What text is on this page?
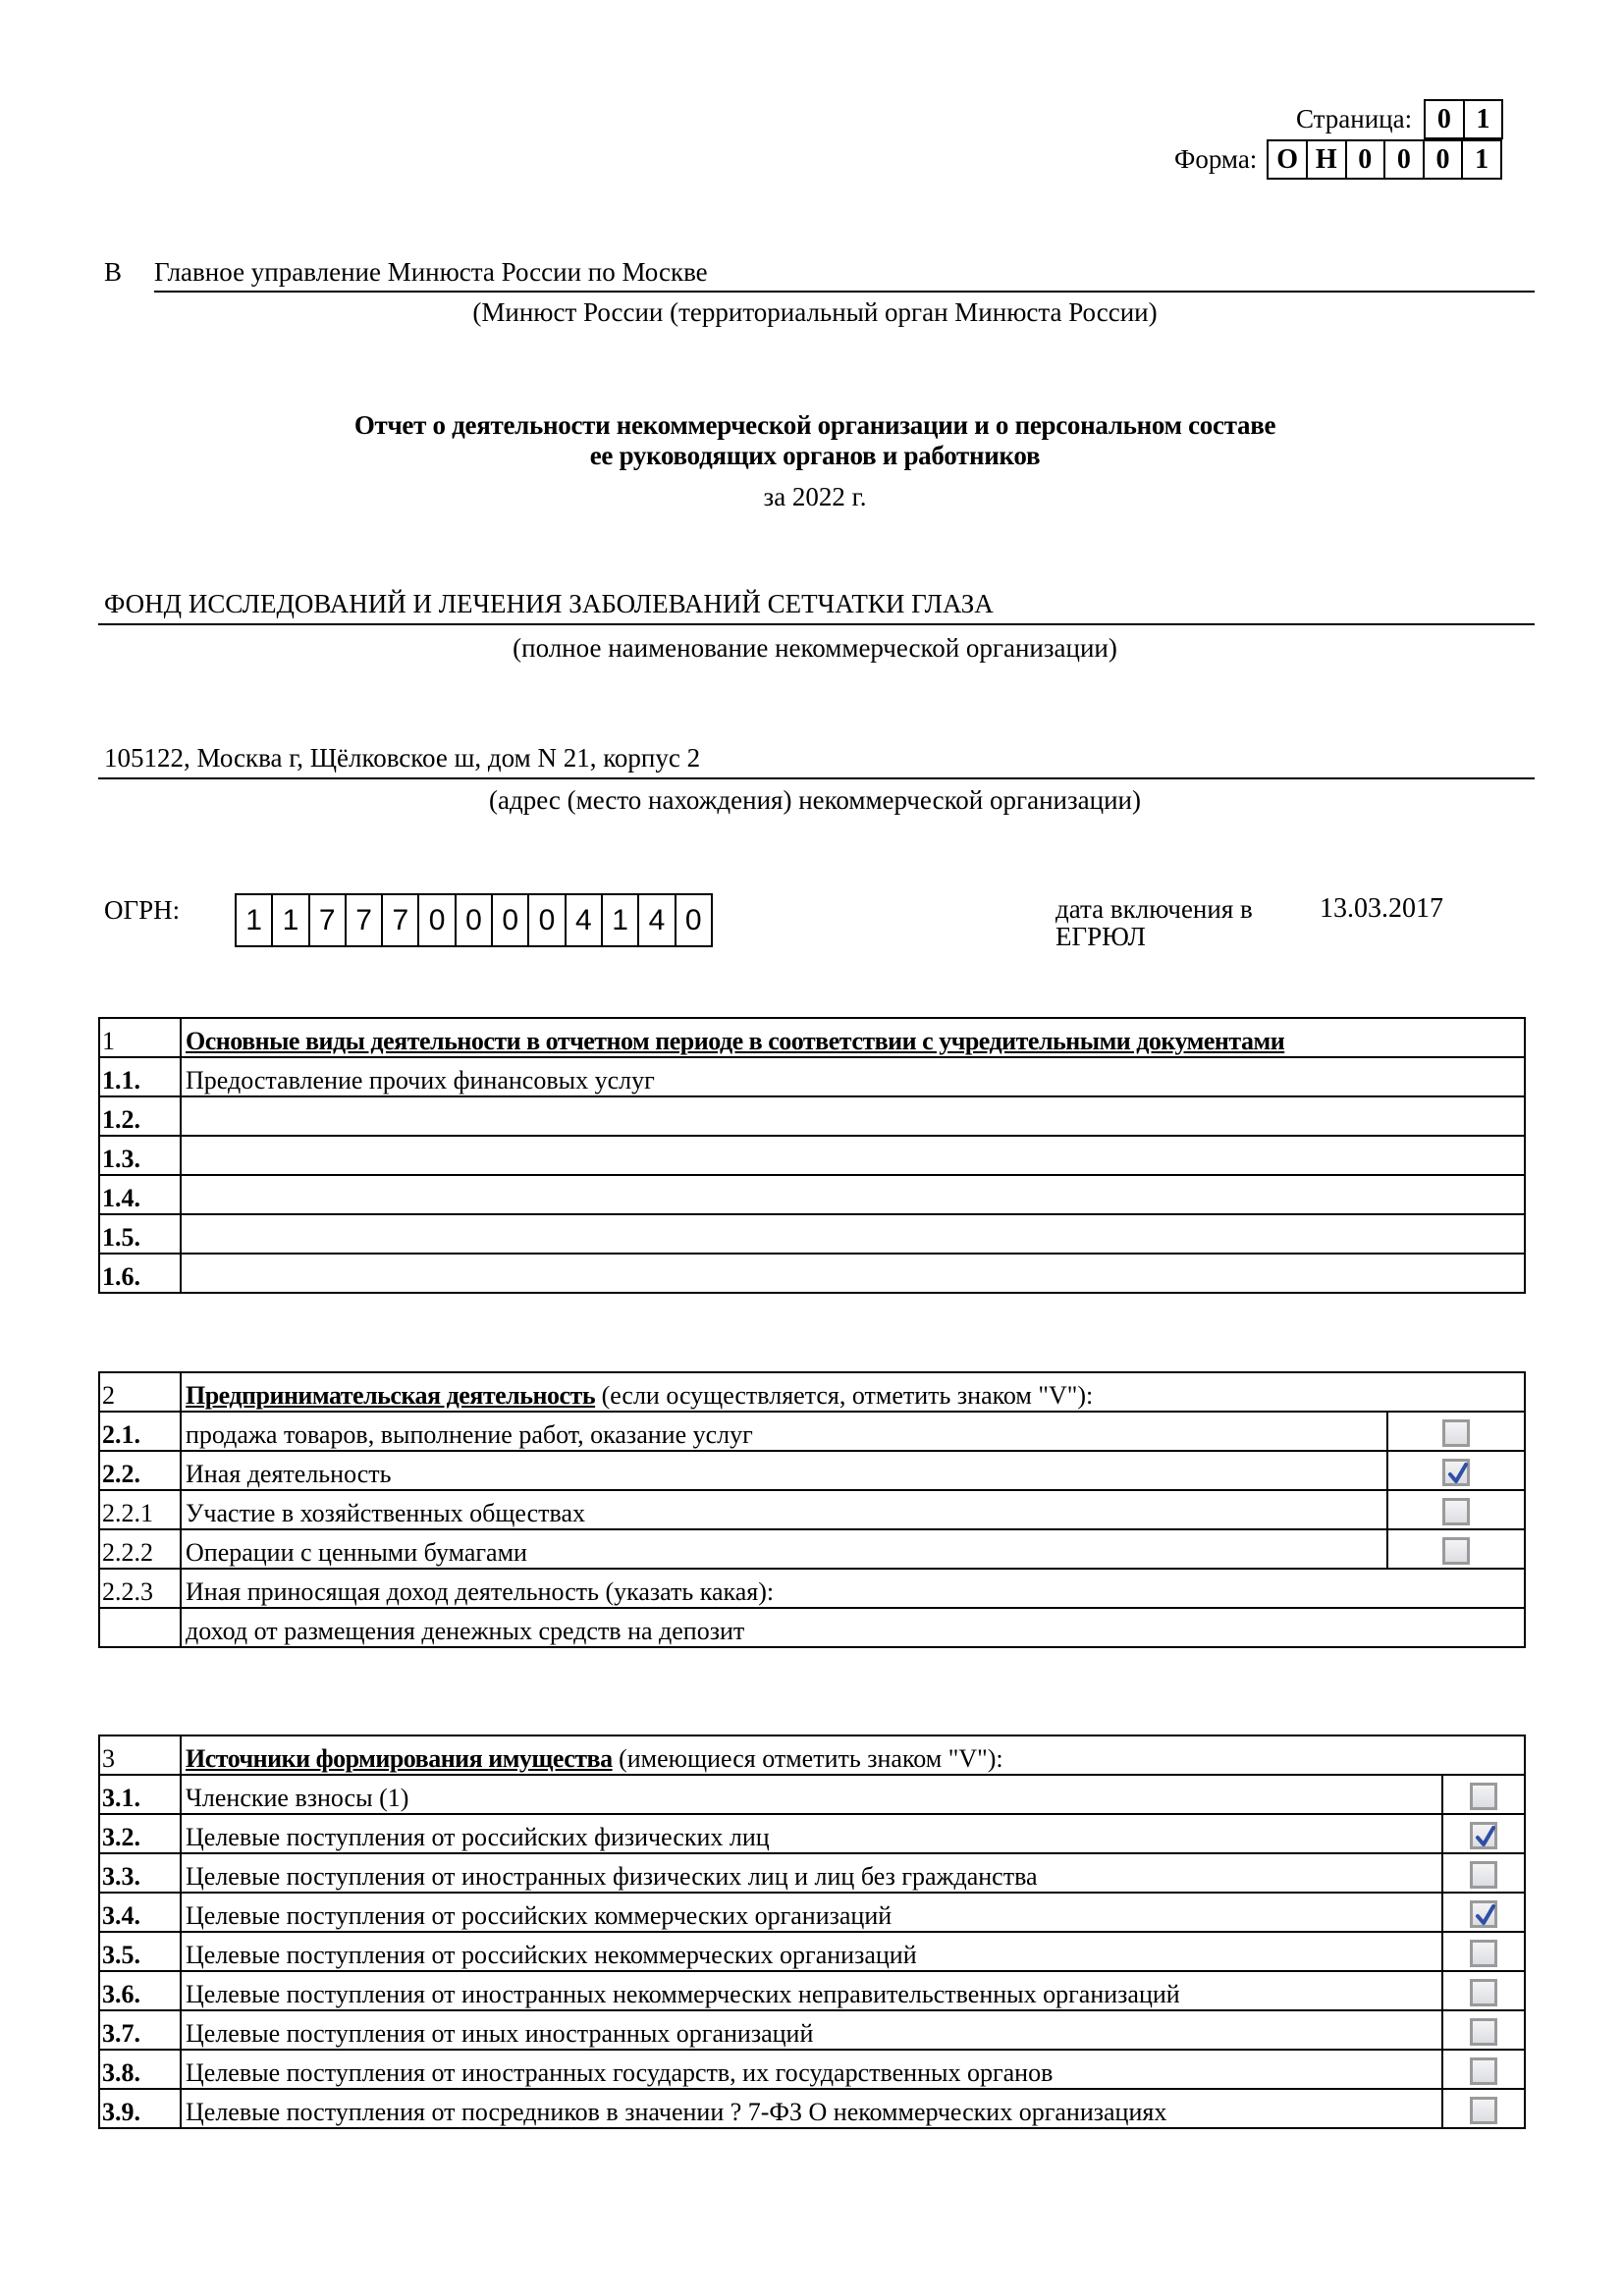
Страница: 0 1
Форма: О Н 0 0 0 1
В Главное управление Минюста России по Москве
(Минюст России (территориальный орган Минюста России)
Отчет о деятельности некоммерческой организации и о персональном составе
ее руководящих органов и работников
за 2022 г.
ФОНД ИССЛЕДОВАНИЙ И ЛЕЧЕНИЯ ЗАБОЛЕВАНИЙ СЕТЧАТКИ ГЛАЗА
(полное наименование некоммерческой организации)
105122, Москва г, Щёлковское ш, дом N 21, корпус 2
(адрес (место нахождения) некоммерческой организации)
ОГРН:	1 1 7 7 7 0 0 0 0 4 1 4 0	дата включения в
ЕГРЮЛ
13.03.2017
1	Основные виды деятельности в отчетном периоде в соответствии с учредительными документами
1.1.	Предоставление прочих финансовых услуг
1.2.	
1.3.	
1.4.	
1.5.	
1.6.	
2	Предпринимательская деятельность (если осуществляется, отметить знаком "V"):	
2.1.	продажа товаров, выполнение работ, оказание услуг	
2.2.	Иная деятельность	

2.2.1	Участие в хозяйственных обществах	
2.2.2	Операции с ценными бумагами	
2.2.3	Иная приносящая доход деятельность (указать какая):	
	доход от размещения денежных средств на депозит	
3	Источники формирования имущества (имеющиеся отметить знаком "V"):	
3.1.	Членские взносы (1)	
3.2.	Целевые поступления от российских физических лиц	

3.3.	Целевые поступления от иностранных физических лиц и лиц без гражданства	
3.4.	Целевые поступления от российских коммерческих организаций	

3.5.	Целевые поступления от российских некоммерческих организаций	
3.6.	Целевые поступления от иностранных некоммерческих неправительственных организаций	
3.7.	Целевые поступления от иных иностранных организаций	
3.8.	Целевые поступления от иностранных государств, их государственных органов	
3.9.	Целевые поступления от посредников в значении ? 7-ФЗ О некоммерческих организациях	
